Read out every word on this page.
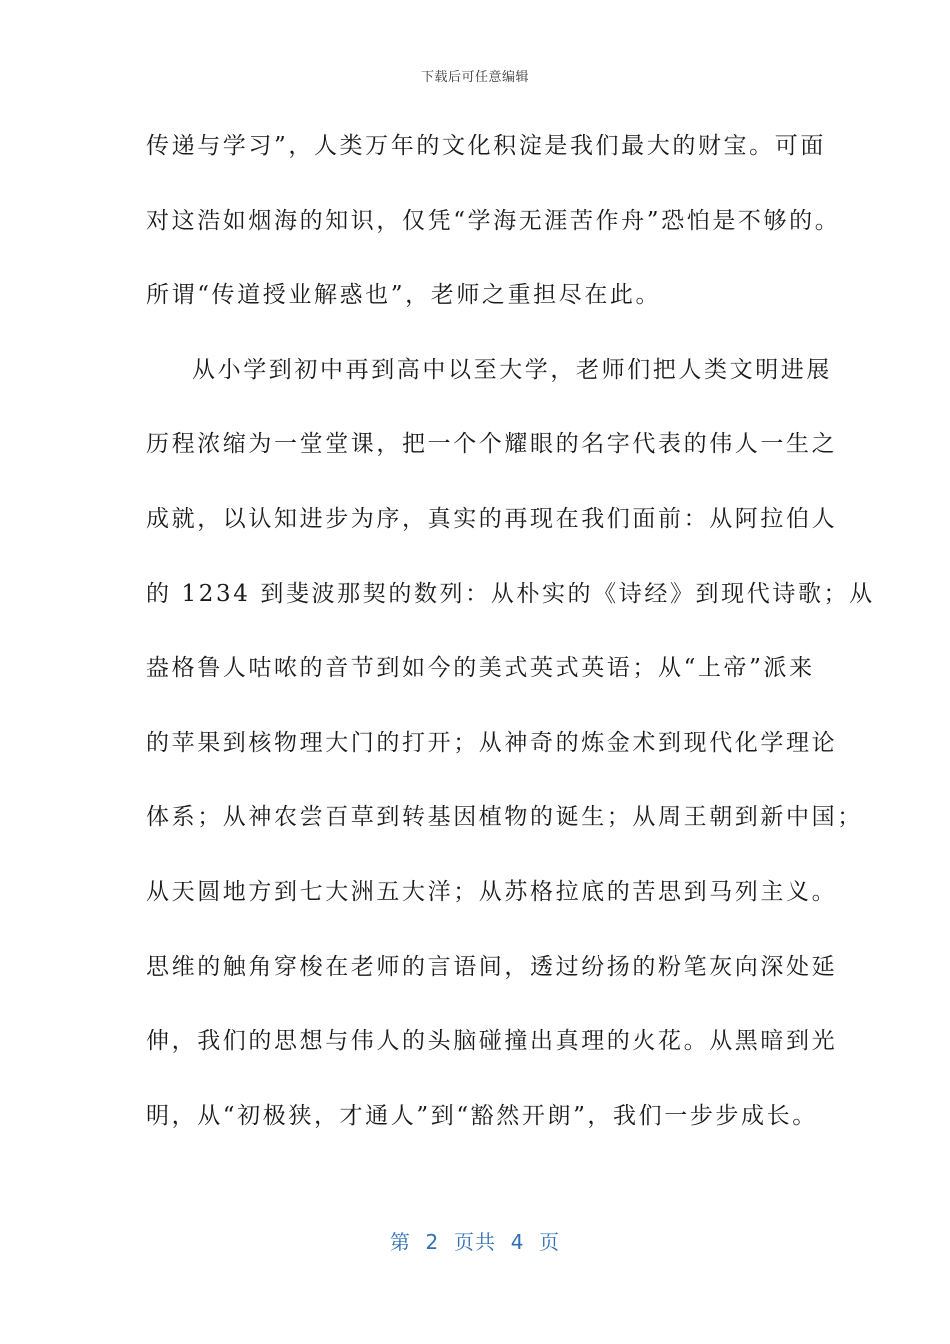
下载后可任意编辑
传递与学习”，人类万年的文化积淀是我们最大的财宝。可面
对这浩如烟海的知识，仅凭“学海无涯苦作舟”恐怕是不够的。
所谓“传道授业解惑也”，老师之重担尽在此。
从小学到初中再到高中以至大学，老师们把人类文明进展
历程浓缩为一堂堂课，把一个个耀眼的名字代表的伟人一生之
成就，以认知进步为序，真实的再现在我们面前：从阿拉伯人
的 1234 到斐波那契的数列：从朴实的《诗经》到现代诗歌；从
盎格鲁人咕哝的音节到如今的美式英式英语；从“上帝”派来
的苹果到核物理大门的打开；从神奇的炼金术到现代化学理论
体系；从神农尝百草到转基因植物的诞生；从周王朝到新中国；
从天圆地方到七大洲五大洋；从苏格拉底的苦思到马列主义。
思维的触角穿梭在老师的言语间，透过纷扬的粉笔灰向深处延
伸，我们的思想与伟人的头脑碰撞出真理的火花。从黑暗到光
明，从“初极狭，才通人”到“豁然开朗”，我们一步步成长。
第  2  页共  4  页
